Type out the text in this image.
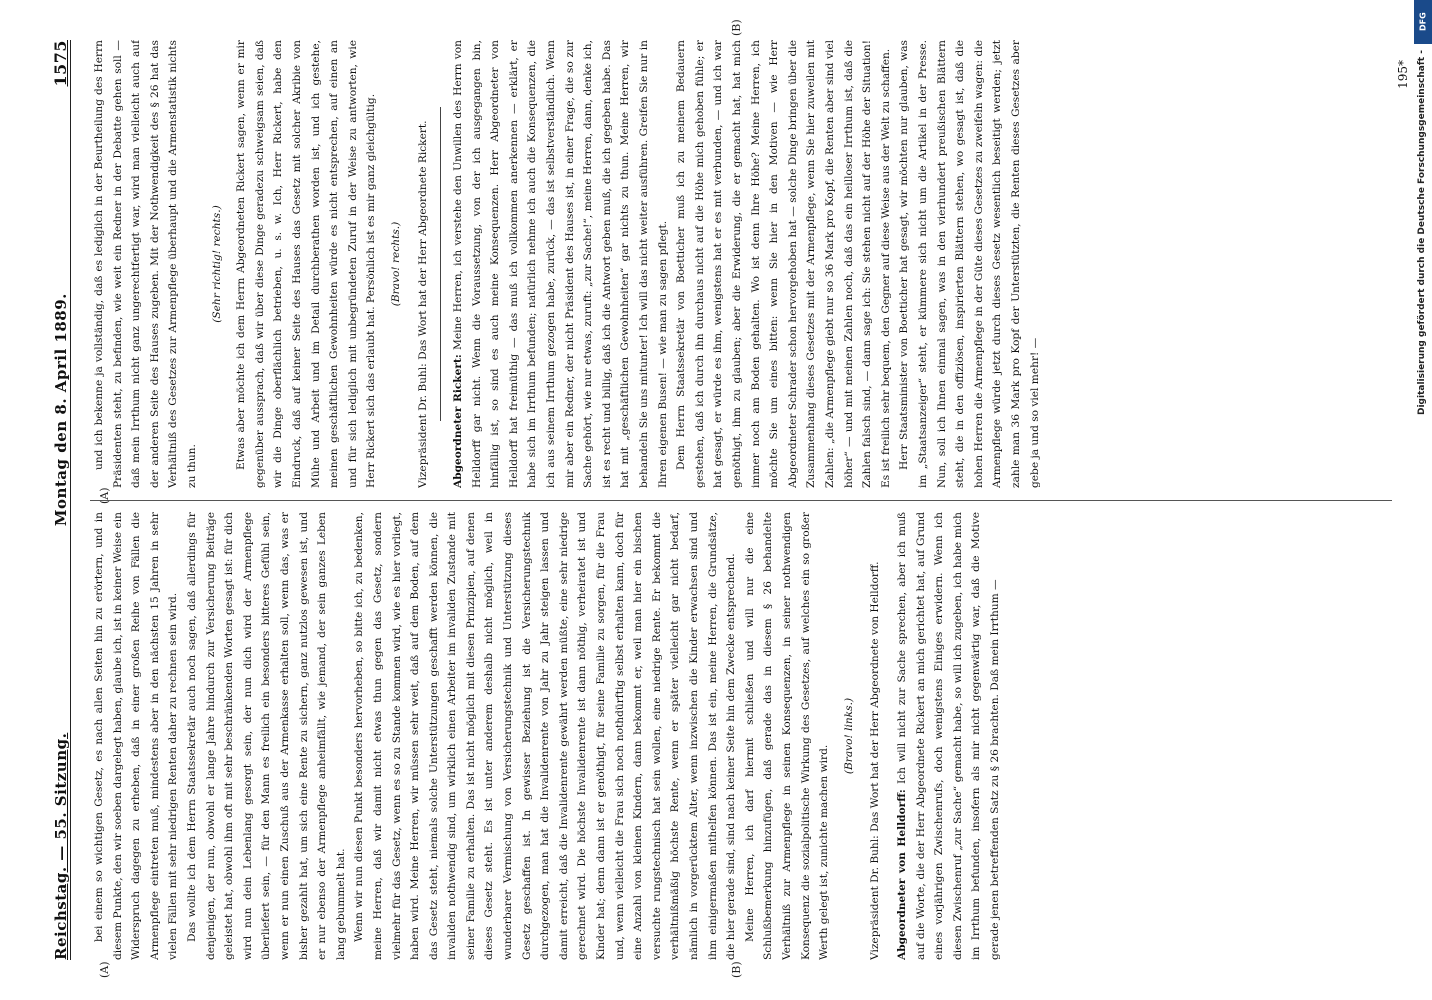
Reichstag. — 55. Sitzung.
Montag den 8. April 1889.
1575
(A)	(B)
(A)
(B)

bei einem so wichtigen Gesetz, es nach allen Seiten hin zu erörtern, und in diesem Punkte, den wir soeben dargelegt haben, glaube ich, ist in keiner Weise ein Widerspruch dagegen zu erheben, daß in einer großen Reihe von Fällen die Armenpflege eintreten muß, mindestens aber in den nächsten 15 Jahren in sehr vielen Fällen mit sehr niedrigen Renten daher zu rechnen sein wird. Das wollte ich dem Herrn Staatssekretär auch noch sagen, daß allerdings für denjenigen, der nun, obwohl er lange Jahre hindurch zur Versicherung Beiträge geleistet hat, obwohl ihm oft mit sehr beschränkenden Worten gesagt ist: für dich wird nun dein Lebenlang gesorgt sein, der nun dich wird der Armenpflege überliefert sein, — für den Mann es freilich ein besonders bitteres Gefühl sein, wenn er nun einen Zuschuß aus der Armenkasse erhalten soll, wenn das, was er bisher gezahlt hat, um sich eine Rente zu sichern, ganz nutzlos gewesen ist, und er nur ebenso der Armenpflege anheimfällt, wie jemand, der sein ganzes Leben lang gebummelt hat. Wenn wir nun diesen Punkt besonders hervorheben, so bitte ich, zu bedenken, meine Herren, daß wir damit nicht etwas thun gegen das Gesetz, sondern vielmehr für das Gesetz, wenn es so zu Stande kommen wird, wie es hier vorliegt, haben wird. Meine Herren, wir müssen sehr weit, daß auf dem Boden, auf dem das Gesetz steht, niemals solche Unterstützungen geschafft werden können, die invaliden nothwendig sind, um wirklich einen Arbeiter im invaliden Zustande mit seiner Familie zu erhalten. Das ist nicht möglich mit diesen Prinzipien, auf denen dieses Gesetz steht. Es ist unter anderem deshalb nicht möglich, weil in wunderbarer Vermischung von Versicherungstechnik und Unterstützung dieses Gesetz geschaffen ist. In gewisser Beziehung ist die Versicherungstechnik durchgezogen, man hat die Invalidenrente von Jahr zu Jahr steigen lassen und damit erreicht, daß die Invalidenrente gewährt werden müßte, eine sehr niedrige gerechnet wird. Die höchste Invalidenrente ist dann nöthig, verheiratet ist und Kinder hat; denn dann ist er genöthigt, für seine Familie zu sorgen, für die Frau und, wenn vielleicht die Frau sich noch nothdürftig selbst erhalten kann, doch für eine Anzahl von kleinen Kindern, dann bekommt er, weil man hier ein bischen versuchte rungstechnisch hat sein wollen, eine niedrige Rente. Er bekommt die verhältnißmäßig höchste Rente, wenn er später vielleicht gar nicht bedarf, nämlich in vorgerücktem Alter, wenn inzwischen die Kinder erwachsen sind und ihm einigermaßen mithelfen können. Das ist ein, meine Herren, die Grundsätze, die hier gerade sind, sind nach keiner Seite hin dem Zwecke entsprechend. Meine Herren, ich darf hiermit schließen und will nur die eine Schlußbemerkung hinzufügen, daß gerade das in diesem § 26 behandelte Verhältniß zur Armenpflege in seinen Konsequenzen, in seiner nothwendigen Konsequenz die sozialpolitische Wirkung des Gesetzes, auf welches ein so großer Werth gelegt ist, zunichte machen wird.

(Bravo! links.)	Vizepräsident Dr. Buhl: Das Wort hat der Herr Abgeordnete von Helldorff.	Abgeordneter von Helldorff: Ich will nicht zur Sache sprechen, aber ich muß auf die Worte, die der Herr Abgeordnete Rickert an mich gerichtet hat, auf Grund eines vorjährigen Zwischenrufs, doch wenigstens Einiges erwidern. Wenn ich diesen Zwischenruf „zur Sache“ gemacht habe, so will ich zugeben, ich habe mich im Irrthum befunden, insofern als mir nicht gegenwärtig war, daß die Motive gerade jenen betreffenden Satz zu § 26 brachten. Daß mein Irrthum —

und ich bekenne ja vollständig, daß es lediglich in der Beurtheilung des Herrn Präsidenten steht, zu befinden, wie weit ein Redner in der Debatte gehen soll — daß mein Irrthum nicht ganz ungerechtfertigt war, wird man vielleicht auch auf der anderen Seite des Hauses zugeben. Mit der Nothwendigkeit des § 26 hat das Verhältniß des Gesetzes zur Armenpflege überhaupt und die Armenstatistik nichts zu thun.

(Sehr richtig! rechts.)	Etwas aber möchte ich dem Herrn Abgeordneten Rickert sagen, wenn er mir gegenüber aussprach, daß wir über diese Dinge geradezu schweigsam seien, daß wir die Dinge oberflächlich betrieben, u. s. w. Ich, Herr Rickert, habe den Eindruck, daß auf keiner Seite des Hauses das Gesetz mit solcher Akribie von Mühe und Arbeit und im Detail durchberathen worden ist, und ich gestehe, meinen geschäftlichen Gewohnheiten würde es nicht entsprechen, auf einen an und für sich lediglich mit unbegründeten Zuruf in der Weise zu antworten, wie Herr Rickert sich das erlaubt hat. Persönlich ist es mir ganz gleichgültig.	(Bravo! rechts.)	Vizepräsident Dr. Buhl: Das Wort hat der Herr Abgeordnete Rickert.	Abgeordneter Rickert: Meine Herren, ich verstehe den Unwillen des Herrn von Helldorff gar nicht. Wenn die Voraussetzung, von der ich ausgegangen bin, hinfällig ist, so sind es auch meine Konsequenzen. Herr Abgeordneter von Helldorff hat freimüthig — das muß ich vollkommen anerkennen — erklärt, er habe sich im Irrthum befunden; natürlich nehme ich auch die Konsequenzen, die ich aus seinem Irrthum gezogen habe, zurück, — das ist selbstverständlich. Wenn mir aber ein Redner, der nicht Präsident des Hauses ist, in einer Frage, die so zur Sache gehört, wie nur etwas, zuruft: „zur Sache!“, meine Herren, dann, denke ich, ist es recht und billig, daß ich die Antwort geben muß, die ich gegeben habe. Das hat mit „geschäftlichen Gewohnheiten“ gar nichts zu thun. Meine Herren, wir behandeln Sie uns mitunter! Ich will das nicht weiter ausführen. Greifen Sie nur in Ihren eigenen Busen! — wie man zu sagen pflegt. Dem Herrn Staatssekretär von Boetticher muß ich zu meinem Bedauern gestehen, daß ich durch ihn durchaus nicht auf die Höhe mich gehoben fühle; er hat gesagt, er würde es ihm, wenigstens hat er es mit verbunden, — und ich war genöthigt, ihm zu glauben; aber die Erwiderung, die er gemacht hat, hat mich immer noch am Boden gehalten. Wo ist denn Ihre Höhe? Meine Herren, ich möchte Sie um eines bitten: wenn Sie hier in den Motiven — wie Herr Abgeordneter Schrader schon hervorgehoben hat — solche Dinge bringen über die Zusammenhang dieses Gesetzes mit der Armenpflege, wenn Sie hier zuweilen mit Zahlen: „die Armenpflege giebt nur so 36 Mark pro Kopf, die Renten aber sind viel höher“ — und mit meinen Zahlen noch, daß das ein heilloser Irrthum ist, daß die Zahlen falsch sind, — dann sage ich: Sie stehen nicht auf der Höhe der Situation! Es ist freilich sehr bequem, den Gegner auf diese Weise aus der Welt zu schaffen. Herr Staatsminister von Boetticher hat gesagt, wir möchten nur glauben, was im „Staatsanzeiger“ steht, er kümmere sich nicht um die Artikel in der Presse. Nun, soll ich Ihnen einmal sagen, was in den vierhundert preußischen Blättern steht, die in den offiziösen, inspirierten Blättern stehen, wo gesagt ist, daß die hohen Herren die Armenpflege in der Güte dieses Gesetzes zu zweifeln wagen: die Armenpflege würde jetzt durch dieses Gesetz wesentlich beseitigt werden; jetzt zahle man 36 Mark pro Kopf der Unterstützten, die Renten dieses Gesetzes aber gebe ja und so viel mehr! —

195*
DFG
Digitalisierung gefördert durch die Deutsche Forschungsgemeinschaft -
